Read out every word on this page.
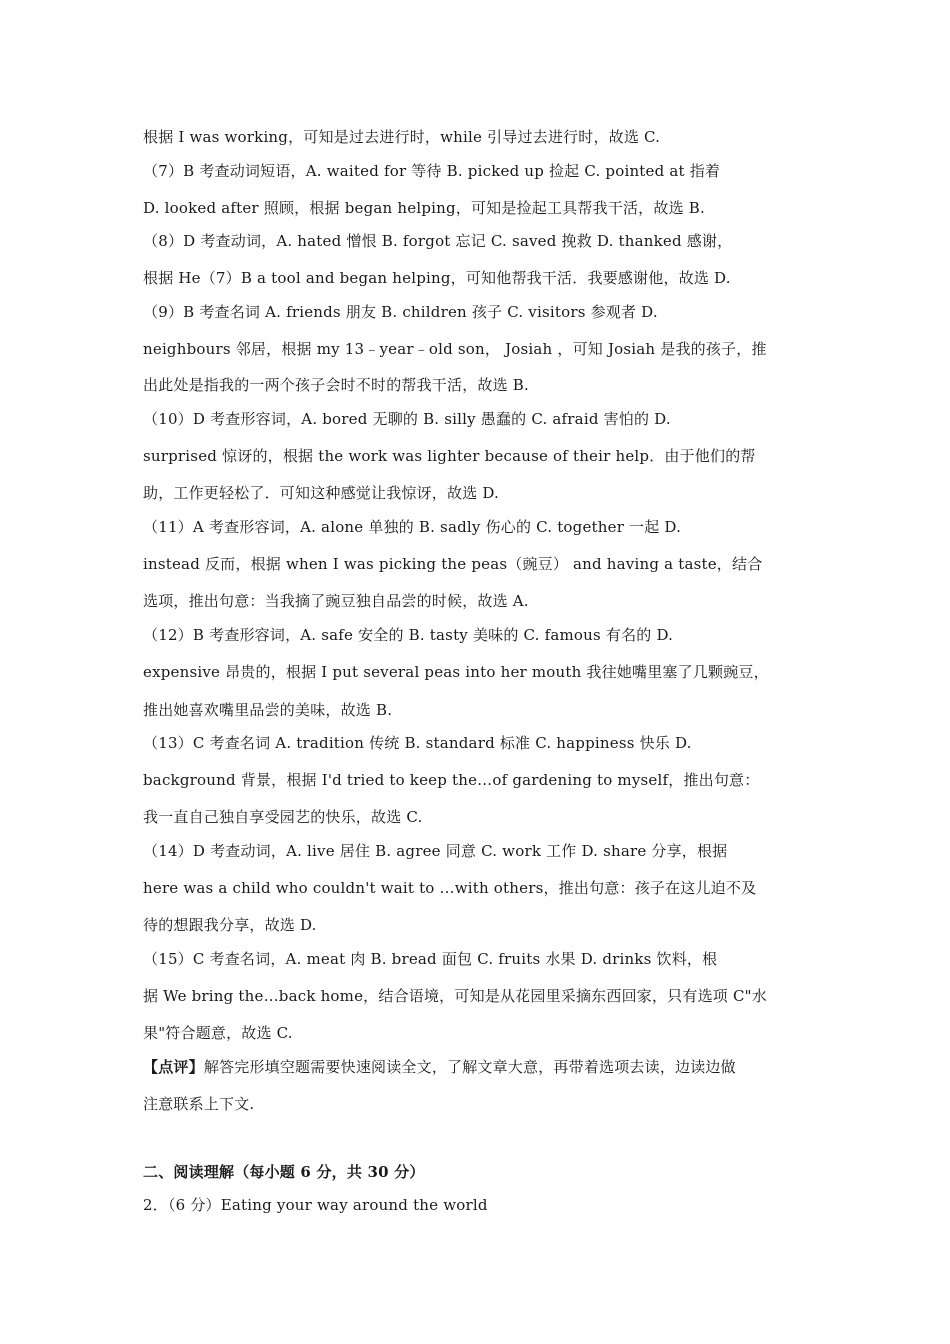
根据 I was working，可知是过去进行时，while 引导过去进行时，故选 C.
（7）B 考查动词短语，A. waited for 等待 B. picked up 捡起 C. pointed at 指着
D. looked after 照顾，根据 began helping，可知是捡起工具帮我干活，故选 B.
（8）D 考查动词，A. hated 憎恨 B. forgot 忘记 C. saved 挽救 D. thanked 感谢，
根据 He（7）B a tool and began helping，可知他帮我干活．我要感谢他，故选 D.
（9）B 考查名词 A. friends 朋友 B. children 孩子 C. visitors 参观者 D.
neighbours 邻居，根据 my 13﹣year﹣old son， Josiah ，可知 Josiah 是我的孩子，推
出此处是指我的一两个孩子会时不时的帮我干活，故选 B.
（10）D 考查形容词，A. bored 无聊的 B. silly 愚蠢的 C. afraid 害怕的 D.
surprised 惊讶的，根据 the work was lighter because of their help．由于他们的帮
助，工作更轻松了．可知这种感觉让我惊讶，故选 D.
（11）A 考查形容词，A. alone 单独的 B. sadly 伤心的 C. together 一起 D.
instead 反而，根据 when I was picking the peas（豌豆） and having a taste，结合
选项，推出句意：当我摘了豌豆独自品尝的时候，故选 A.
（12）B 考查形容词，A. safe 安全的 B. tasty 美味的 C. famous 有名的 D.
expensive 昂贵的，根据 I put several peas into her mouth 我往她嘴里塞了几颗豌豆，
推出她喜欢嘴里品尝的美味，故选 B.
（13）C 考查名词 A. tradition 传统 B. standard 标准 C. happiness 快乐 D.
background 背景，根据 I'd tried to keep the…of gardening to myself，推出句意：
我一直自己独自享受园艺的快乐，故选 C.
（14）D 考查动词，A. live 居住 B. agree 同意 C. work 工作 D. share 分享，根据
here was a child who couldn't wait to …with others，推出句意：孩子在这儿迫不及
待的想跟我分享，故选 D.
（15）C 考查名词，A. meat 肉 B. bread 面包 C. fruits 水果 D. drinks 饮料，根
据 We bring the…back home，结合语境，可知是从花园里采摘东西回家，只有选项 C"水
果"符合题意，故选 C.
【点评】解答完形填空题需要快速阅读全文，了解文章大意，再带着选项去读，边读边做
注意联系上下文.
二、阅读理解（每小题 6 分，共 30 分）
2．（6 分）Eating your way around the world
